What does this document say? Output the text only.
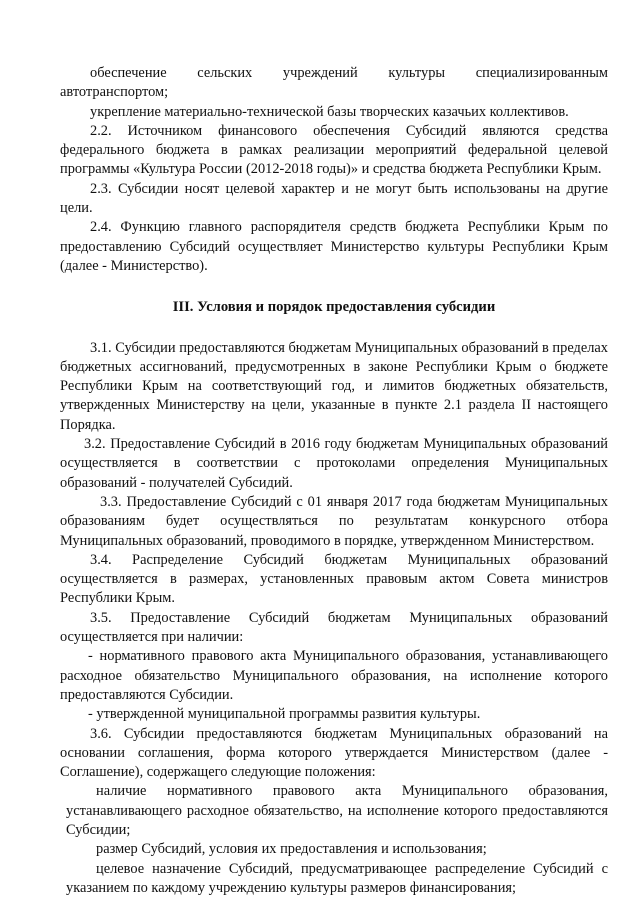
обеспечение сельских учреждений культуры специализированным автотранспортом;

укрепление материально-технической базы творческих казачьих коллективов.

2.2. Источником финансового обеспечения Субсидий являются средства федерального бюджета в рамках реализации мероприятий федеральной целевой программы «Культура России (2012-2018 годы)» и средства бюджета Республики Крым.

2.3. Субсидии носят целевой характер и не могут быть использованы на другие цели.

2.4. Функцию главного распорядителя средств бюджета Республики Крым по предоставлению Субсидий осуществляет Министерство культуры Республики Крым (далее - Министерство).

III. Условия и порядок предоставления субсидии

3.1. Субсидии предоставляются бюджетам Муниципальных образований в пределах бюджетных ассигнований, предусмотренных в законе Республики Крым о бюджете Республики Крым на соответствующий год, и лимитов бюджетных обязательств, утвержденных Министерству на цели, указанные в пункте 2.1 раздела II настоящего Порядка.

3.2. Предоставление Субсидий в 2016 году бюджетам Муниципальных образований осуществляется в соответствии с протоколами определения Муниципальных образований - получателей Субсидий.

3.3. Предоставление Субсидий с 01 января 2017 года бюджетам Муниципальных образованиям будет осуществляться по результатам конкурсного отбора Муниципальных образований, проводимого в порядке, утвержденном Министерством.

3.4. Распределение Субсидий бюджетам Муниципальных образований осуществляется в размерах, установленных правовым актом Совета министров Республики Крым.

3.5. Предоставление Субсидий бюджетам Муниципальных образований осуществляется при наличии:

- нормативного правового акта Муниципального образования, устанавливающего расходное обязательство Муниципального образования, на исполнение которого предоставляются Субсидии.

- утвержденной муниципальной программы развития культуры.

3.6. Субсидии предоставляются бюджетам Муниципальных образований на основании соглашения, форма которого утверждается Министерством (далее - Соглашение), содержащего следующие положения:

наличие нормативного правового акта Муниципального образования, устанавливающего расходное обязательство, на исполнение которого предоставляются Субсидии;

размер Субсидий, условия их предоставления и использования;

целевое назначение Субсидий, предусматривающее распределение Субсидий с указанием по каждому учреждению культуры размеров финансирования;
